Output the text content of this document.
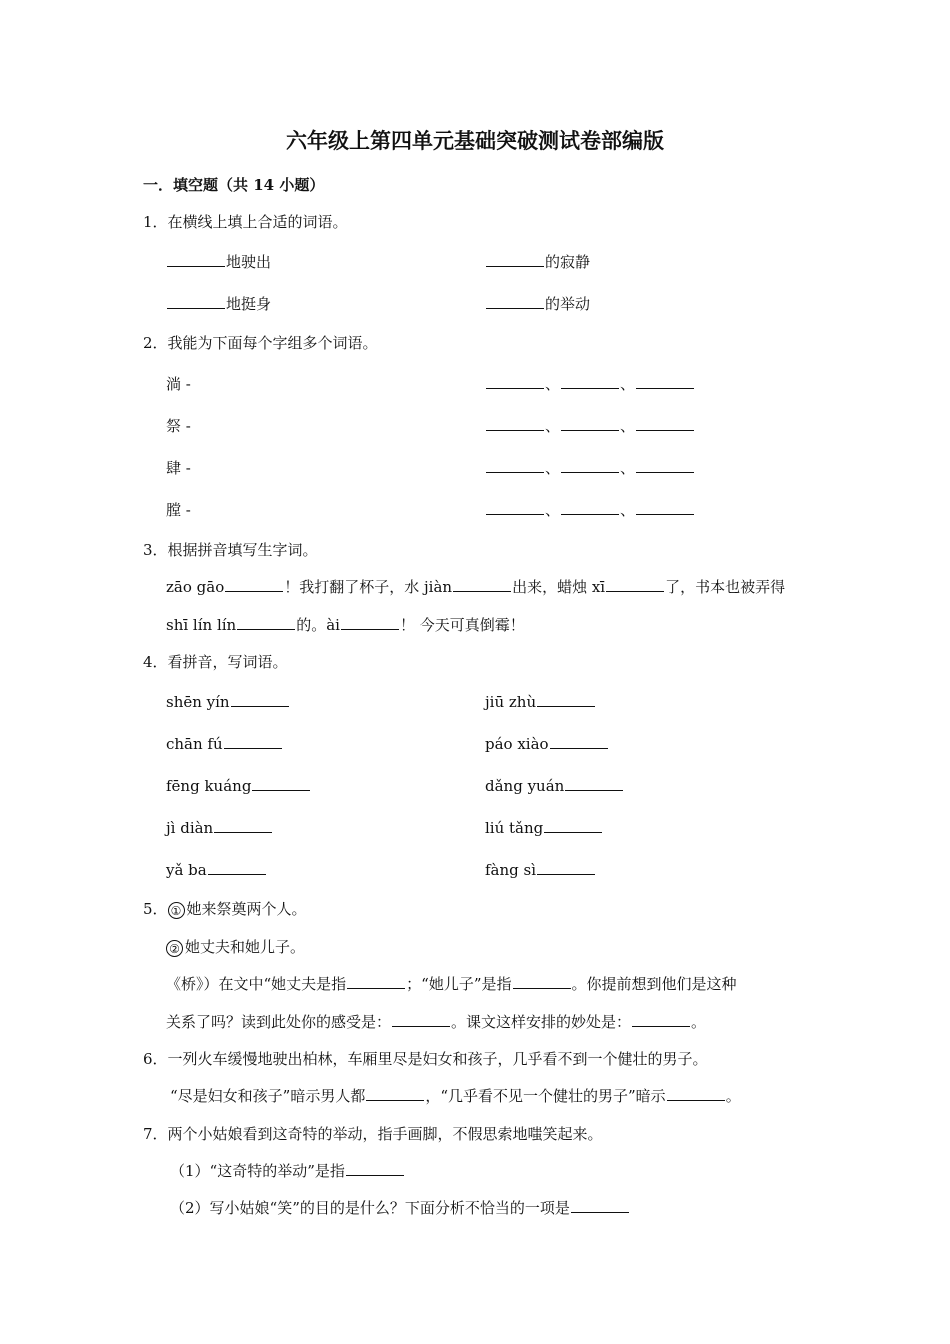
六年级上第四单元基础突破测试卷部编版
一．填空题（共 14 小题）
1．在横线上填上合适的词语。
地驶出	的寂静
地挺身	的举动
2．我能为下面每个字组多个词语。
淌 -	、	、
祭 -	、	、
肆 -	、	、
膛 -	、	、
3．根据拼音填写生字词。
zāo gāo	！我打翻了杯子，水 jiàn	出来，蜡烛 xī	了，书本也被弄得
shī lín lín	的。ài	！ 今天可真倒霉！
4．看拼音，写词语。
shēn yín	jiū zhù
chān fú	páo xiào
fēng kuáng	dǎng yuán
jì diàn	liú tǎng
yǎ ba	fàng sì
5． ① 她来祭奠两个人。
② 她丈夫和她儿子。
《桥》）在文中“她丈夫是指	；“她儿子”是指	。你提前想到他们是这种
关系了吗？读到此处你的感受是：	。课文这样安排的妙处是：	。
6．一列火车缓慢地驶出柏林，车厢里尽是妇女和孩子，几乎看不到一个健壮的男子。
“尽是妇女和孩子”暗示男人都	，“几乎看不见一个健壮的男子”暗示	。
7．两个小姑娘看到这奇特的举动，指手画脚，不假思索地嗤笑起来。
（1）“这奇特的举动”是指
（2）写小姑娘“笑”的目的是什么？下面分析不恰当的一项是
